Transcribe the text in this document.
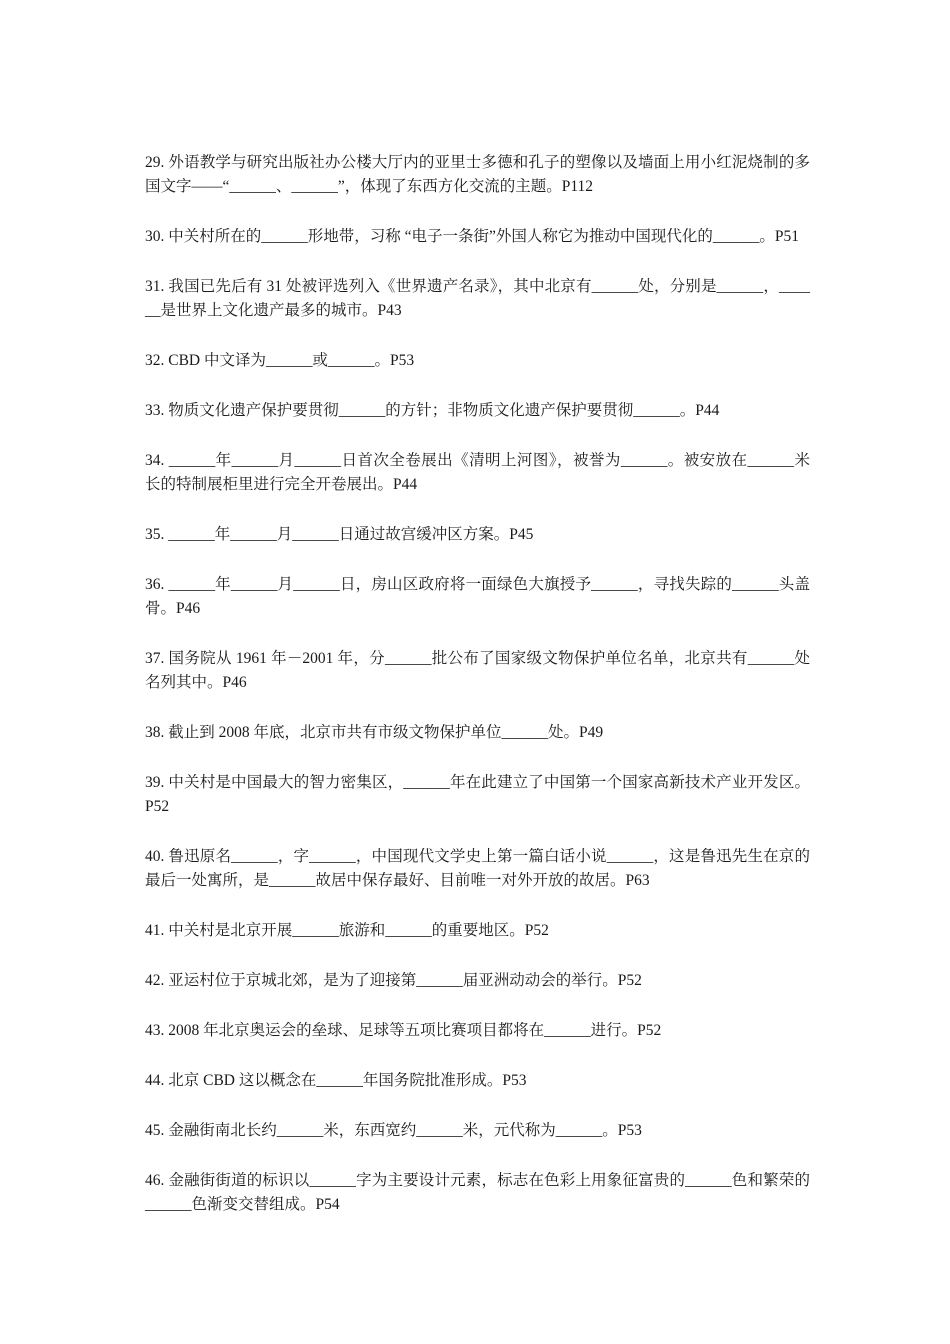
29. 外语教学与研究出版社办公楼大厅内的亚里士多德和孔子的塑像以及墙面上用小红泥烧制的多国文字——“______、______”，体现了东西方化交流的主题。P112

30. 中关村所在的______形地带，习称 “电子一条街”外国人称它为推动中国现代化的______。P51

31. 我国已先后有 31 处被评选列入《世界遗产名录》，其中北京有______处，分别是______，______是世界上文化遗产最多的城市。P43

32. CBD 中文译为______或______。P53

33. 物质文化遗产保护要贯彻______的方针；非物质文化遗产保护要贯彻______。P44

34. ______年______月______日首次全卷展出《清明上河图》，被誉为______。被安放在______米长的特制展柜里进行完全开卷展出。P44

35. ______年______月______日通过故宫缓冲区方案。P45

36. ______年______月______日，房山区政府将一面绿色大旗授予______，寻找失踪的______头盖骨。P46

37. 国务院从 1961 年－2001 年，分______批公布了国家级文物保护单位名单，北京共有______处名列其中。P46

38. 截止到 2008 年底，北京市共有市级文物保护单位______处。P49

39. 中关村是中国最大的智力密集区，______年在此建立了中国第一个国家高新技术产业开发区。P52

40. 鲁迅原名______，字______，中国现代文学史上第一篇白话小说______，这是鲁迅先生在京的最后一处寓所，是______故居中保存最好、目前唯一对外开放的故居。P63

41. 中关村是北京开展______旅游和______的重要地区。P52

42. 亚运村位于京城北郊，是为了迎接第______届亚洲动动会的举行。P52

43. 2008 年北京奥运会的垒球、足球等五项比赛项目都将在______进行。P52

44. 北京 CBD 这以概念在______年国务院批准形成。P53

45. 金融街南北长约______米，东西宽约______米，元代称为______。P53

46. 金融街街道的标识以______字为主要设计元素，标志在色彩上用象征富贵的______色和繁荣的______色渐变交替组成。P54
